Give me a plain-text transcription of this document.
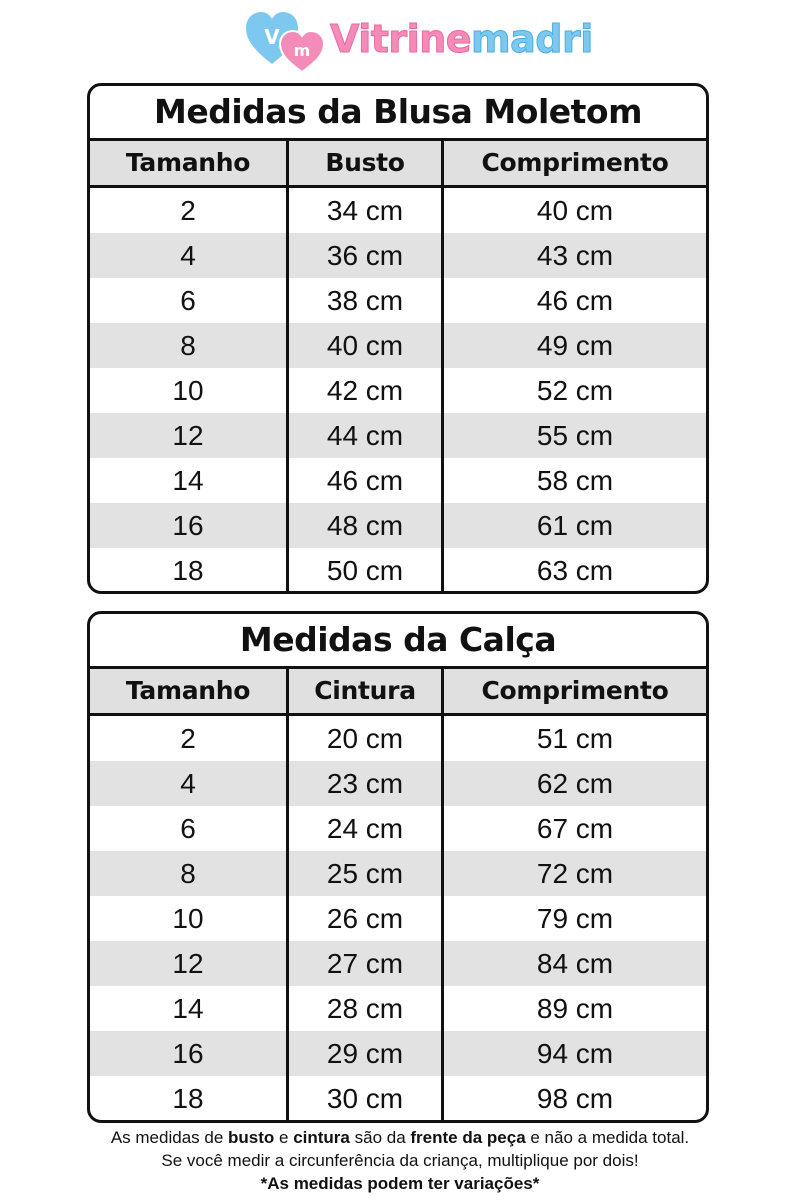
V
m Vitrinemadri
Medidas da Blusa Moletom
Tamanho	Busto	Comprimento
2	34 cm	40 cm
4	36 cm	43 cm
6	38 cm	46 cm
8	40 cm	49 cm
10	42 cm	52 cm
12	44 cm	55 cm
14	46 cm	58 cm
16	48 cm	61 cm
18	50 cm	63 cm
Medidas da Calça
Tamanho	Cintura	Comprimento
2	20 cm	51 cm
4	23 cm	62 cm
6	24 cm	67 cm
8	25 cm	72 cm
10	26 cm	79 cm
12	27 cm	84 cm
14	28 cm	89 cm
16	29 cm	94 cm
18	30 cm	98 cm
As medidas de busto e cintura são da frente da peça e não a medida total.
Se você medir a circunferência da criança, multiplique por dois!
*As medidas podem ter variações*
